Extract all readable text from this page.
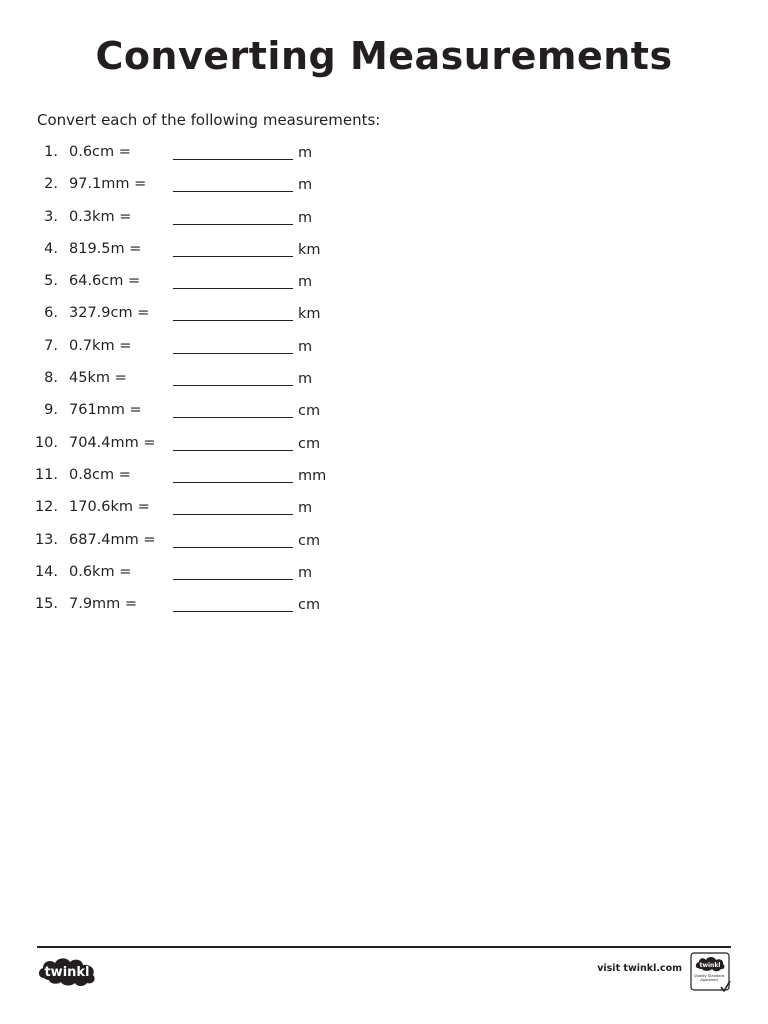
Converting Measurements
Convert each of the following measurements:
1. 0.6cm =	m
2. 97.1mm =	m
3. 0.3km =	m
4. 819.5m =	km
5. 64.6cm =	m
6. 327.9cm =	km
7. 0.7km =	m
8. 45km =	m
9. 761mm =	cm
10. 704.4mm =	cm
11. 0.8cm =	mm
12. 170.6km =	m
13. 687.4mm =	cm
14. 0.6km =	m
15. 7.9mm =	cm
twinkl	visit twinkl.com	twinkl
Quality Standard Approved
